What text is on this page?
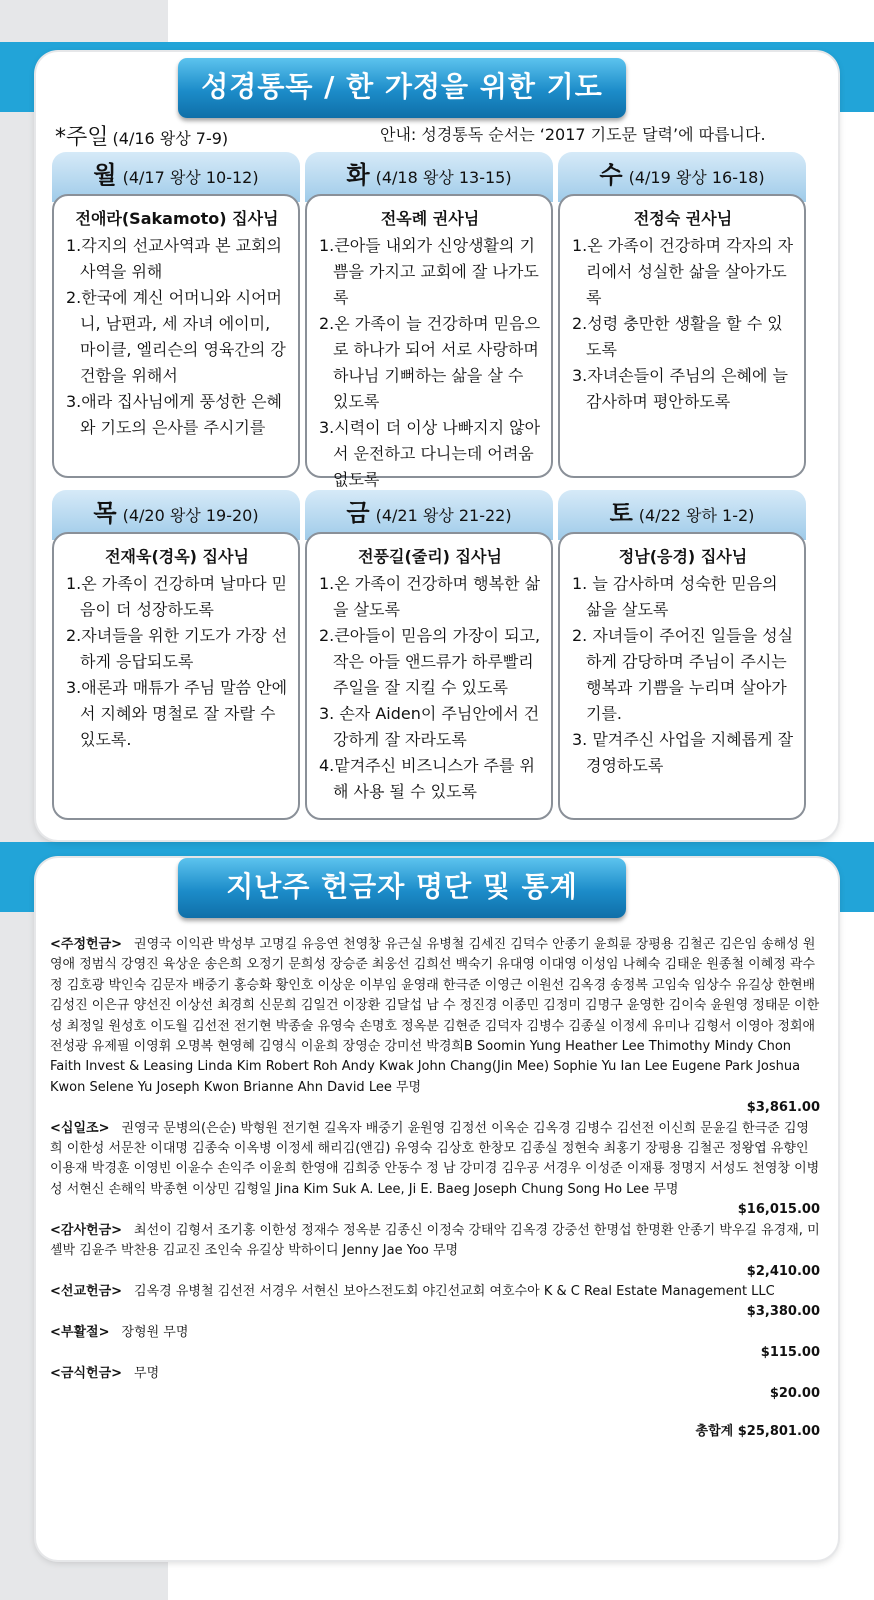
성경통독 / 한 가정을 위한 기도
*주일 (4/16 왕상 7-9)	안내: 성경통독 순서는 ‘2017 기도문 달력’에 따릅니다.
월 (4/17 왕상 10-12)
전애라(Sakamoto) 집사님
1.각지의 선교사역과 본 교회의 사역을 위해
2.한국에 계신 어머니와 시어머니, 남편과, 세 자녀 에이미, 마이클, 엘리슨의 영육간의 강건함을 위해서
3.애라 집사님에게 풍성한 은혜와 기도의 은사를 주시기를
화 (4/18 왕상 13-15)
전옥례 권사님
1.큰아들 내외가 신앙생활의 기쁨을 가지고 교회에 잘 나가도록
2.온 가족이 늘 건강하며 믿음으로 하나가 되어 서로 사랑하며 하나님 기뻐하는 삶을 살 수 있도록
3.시력이 더 이상 나빠지지 않아서 운전하고 다니는데 어려움 없도록
수 (4/19 왕상 16-18)
전정숙 권사님
1.온 가족이 건강하며 각자의 자리에서 성실한 삶을 살아가도록
2.성령 충만한 생활을 할 수 있도록
3.자녀손들이 주님의 은혜에 늘 감사하며 평안하도록
목 (4/20 왕상 19-20)
전재욱(경옥) 집사님
1.온 가족이 건강하며 날마다 믿음이 더 성장하도록
2.자녀들을 위한 기도가 가장 선하게 응답되도록
3.애론과 매튜가 주님 말씀 안에서 지혜와 명철로 잘 자랄 수 있도록.
금 (4/21 왕상 21-22)
전풍길(줄리) 집사님
1.온 가족이 건강하며 행복한 삶을 살도록
2.큰아들이 믿음의 가장이 되고, 작은 아들 앤드류가 하루빨리 주일을 잘 지킬 수 있도록
3. 손자 Aiden이 주님안에서 건강하게 잘 자라도록
4.맡겨주신 비즈니스가 주를 위해 사용 될 수 있도록
토 (4/22 왕하 1-2)
정남(응경) 집사님
1. 늘 감사하며 성숙한 믿음의 삶을 살도록
2. 자녀들이 주어진 일들을 성실하게 감당하며 주님이 주시는 행복과 기쁨을 누리며 살아가기를.
3. 맡겨주신 사업을 지혜롭게 잘 경영하도록
지난주 헌금자 명단 및 통계
<주정헌금> 권영국 이익관 박성부 고명길 유응연 천영창 유근실 유병철 김세진 김덕수 안종기 윤희륜 장평용 김철곤 김은임 송해성 원영애 정범식 강영진 육상운 송은희 오정기 문희성 장승준 최웅선 김희선 백숙기 유대영 이대영 이성임 나혜숙 김태운 원종철 이혜정 곽수정 김호광 박인숙 김문자 배중기 홍승화 황인호 이상운 이부임 윤영래 한극준 이영근 이원선 김옥경 송정복 고임숙 임상수 유길상 한현배 김성진 이은규 양선진 이상선 최경희 신문희 김일건 이장환 김달섭 남 수 정진경 이종민 김정미 김명구 윤영한 김이숙 윤원영 정태문 이한성 최정일 원성호 이도월 김선전 전기현 박종술 유영숙 손명호 정옥분 김현준 김덕자 김병수 김종실 이정세 유미나 김형서 이영아 정회애 전성광 유제필 이영휘 오명복 현영혜 김영식 이윤희 장영순 강미선 박경희B Soomin Yung Heather Lee Thimothy Mindy Chon Faith Invest & Leasing Linda Kim Robert Roh Andy Kwak John Chang(Jin Mee) Sophie Yu Ian Lee Eugene Park Joshua Kwon Selene Yu Joseph Kwon Brianne Ahn David Lee 무명
$3,861.00
<십일조> 권영국 문병의(은순) 박형원 전기현 길옥자 배중기 윤원영 김정선 이옥순 김옥경 김병수 김선전 이신희 문윤길 한극준 김영희 이한성 서문찬 이대명 김종숙 이옥병 이정세 해리김(앤김) 유영숙 김상호 한창모 김종실 정현숙 최홍기 장평용 김철곤 정왕엽 유향인 이용재 박경훈 이영빈 이윤수 손익주 이윤희 한영애 김희중 안동수 정 남 강미경 김우공 서경우 이성준 이재룡 정명지 서성도 천영창 이병성 서현신 손해익 박종현 이상민 김형일 Jina Kim Suk A. Lee, Ji E. Baeg Joseph Chung Song Ho Lee 무명
$16,015.00
<감사헌금> 최선이 김형서 조기홍 이한성 정재수 정옥분 김종신 이정숙 강태악 김옥경 강중선 한명섭 한명환 안종기 박우길 유경재, 미셸박 김윤주 박찬용 김교진 조인숙 유길상 박하이디 Jenny Jae Yoo 무명
$2,410.00
<선교헌금> 김옥경 유병철 김선전 서경우 서현신 보아스전도회 야긴선교회 여호수아 K & C Real Estate Management LLC
$3,380.00
<부활절> 장형원 무명
$115.00
<금식헌금> 무명
$20.00
총합계 $25,801.00
